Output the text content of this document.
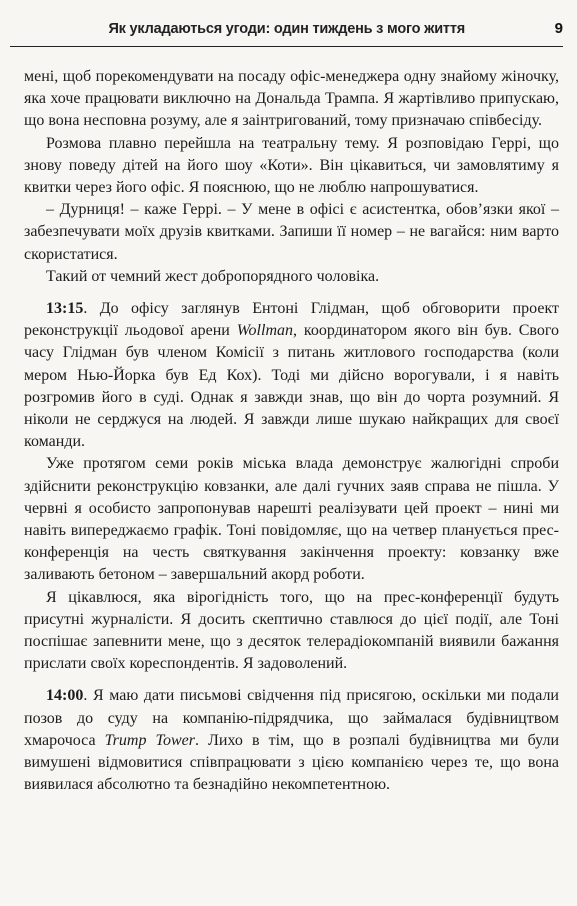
Як укладаються угоди: один тиждень з мого життя	9

мені, щоб порекомендувати на посаду офіс-менеджера одну знайому жіночку, яка хоче працювати виключно на Дональда Трампа. Я жартівливо припускаю, що вона несповна розуму, але я заінтригований, тому призначаю співбесіду.

Розмова плавно перейшла на театральну тему. Я розповідаю Геррі, що знову поведу дітей на його шоу «Коти». Він цікавиться, чи замовлятиму я квитки через його офіс. Я пояснюю, що не люблю напрошуватися.

– Дурниця! – каже Геррі. – У мене в офісі є асистентка, обов’язки якої – забезпечувати моїх друзів квитками. Запиши її номер – не вагайся: ним варто скористатися.

Такий от чемний жест добропорядного чоловіка.

13:15. До офісу заглянув Ентоні Глідман, щоб обговорити проект реконструкції льодової арени Wollman, координатором якого він був. Свого часу Глідман був членом Комісії з питань житлового господарства (коли мером Нью-Йорка був Ед Кох). Тоді ми дійсно ворогували, і я навіть розгромив його в суді. Однак я завжди знав, що він до чорта розумний. Я ніколи не серджуся на людей. Я завжди лише шукаю найкращих для своєї команди.

Уже протягом семи років міська влада демонструє жалюгідні спроби здійснити реконструкцію ковзанки, але далі гучних заяв справа не пішла. У червні я особисто запропонував нарешті реалізувати цей проект – нині ми навіть випереджаємо графік. Тоні повідомляє, що на четвер планується прес-конференція на честь святкування закінчення проекту: ковзанку вже заливають бетоном – завершальний акорд роботи.

Я цікавлюся, яка вірогідність того, що на прес-конференції будуть присутні журналісти. Я досить скептично ставлюся до цієї події, але Тоні поспішає запевнити мене, що з десяток телерадіокомпаній виявили бажання прислати своїх кореспондентів. Я задоволений.

14:00. Я маю дати письмові свідчення під присягою, оскільки ми подали позов до суду на компанію-підрядчика, що займалася будівництвом хмарочоса Trump Tower. Лихо в тім, що в розпалі будівництва ми були вимушені відмовитися співпрацювати з цією компанією через те, що вона виявилася абсолютно та безнадійно некомпетентною.
